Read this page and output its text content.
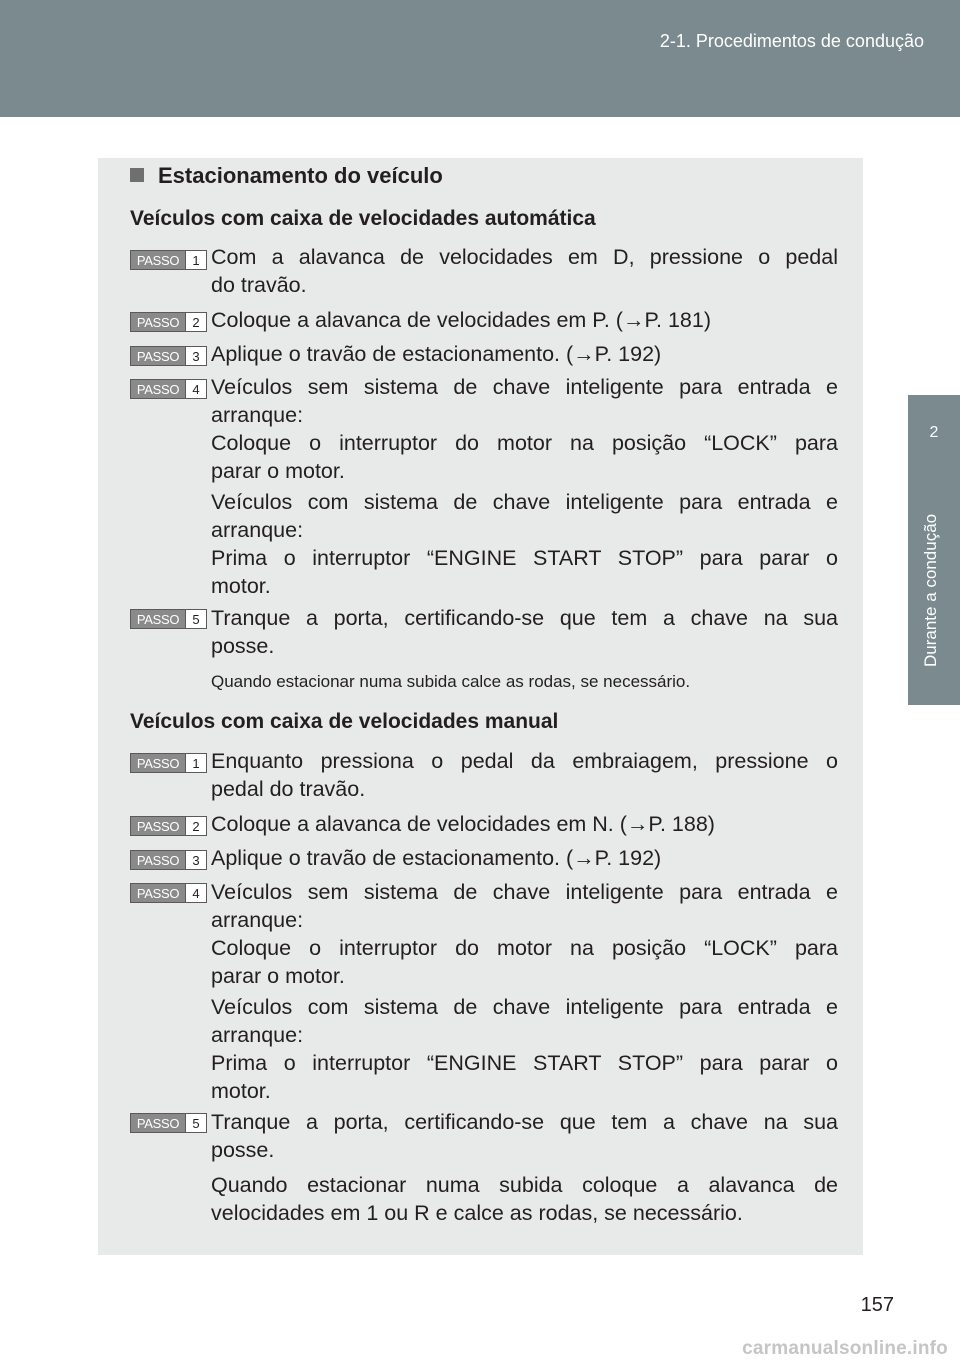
2-1. Procedimentos de condução
2
Durante a condução
Estacionamento do veículo
Veículos com caixa de velocidades automática
PASSO	1 Com a alavanca de velocidades em D, pressione o pedal
do travão.
PASSO	2 Coloque a alavanca de velocidades em P. (→P. 181)
PASSO	3 Aplique o travão de estacionamento. (→P. 192)
PASSO	4 Veículos sem sistema de chave inteligente para entrada e
arranque:
Coloque o interruptor do motor na posição “LOCK” para
parar o motor.
Veículos com sistema de chave inteligente para entrada e
arranque:
Prima o interruptor “ENGINE START STOP” para parar o
motor.
PASSO	5 Tranque a porta, certificando-se que tem a chave na sua
posse.
Quando estacionar numa subida calce as rodas, se necessário.
Veículos com caixa de velocidades manual
PASSO	1 Enquanto pressiona o pedal da embraiagem, pressione o
pedal do travão.
PASSO	2 Coloque a alavanca de velocidades em N. (→P. 188)
PASSO	3 Aplique o travão de estacionamento. (→P. 192)
PASSO	4 Veículos sem sistema de chave inteligente para entrada e
arranque:
Coloque o interruptor do motor na posição “LOCK” para
parar o motor.
Veículos com sistema de chave inteligente para entrada e
arranque:
Prima o interruptor “ENGINE START STOP” para parar o
motor.
PASSO	5 Tranque a porta, certificando-se que tem a chave na sua
posse.
Quando estacionar numa subida coloque a alavanca de
velocidades em 1 ou R e calce as rodas, se necessário.
157
carmanualsonline.info
